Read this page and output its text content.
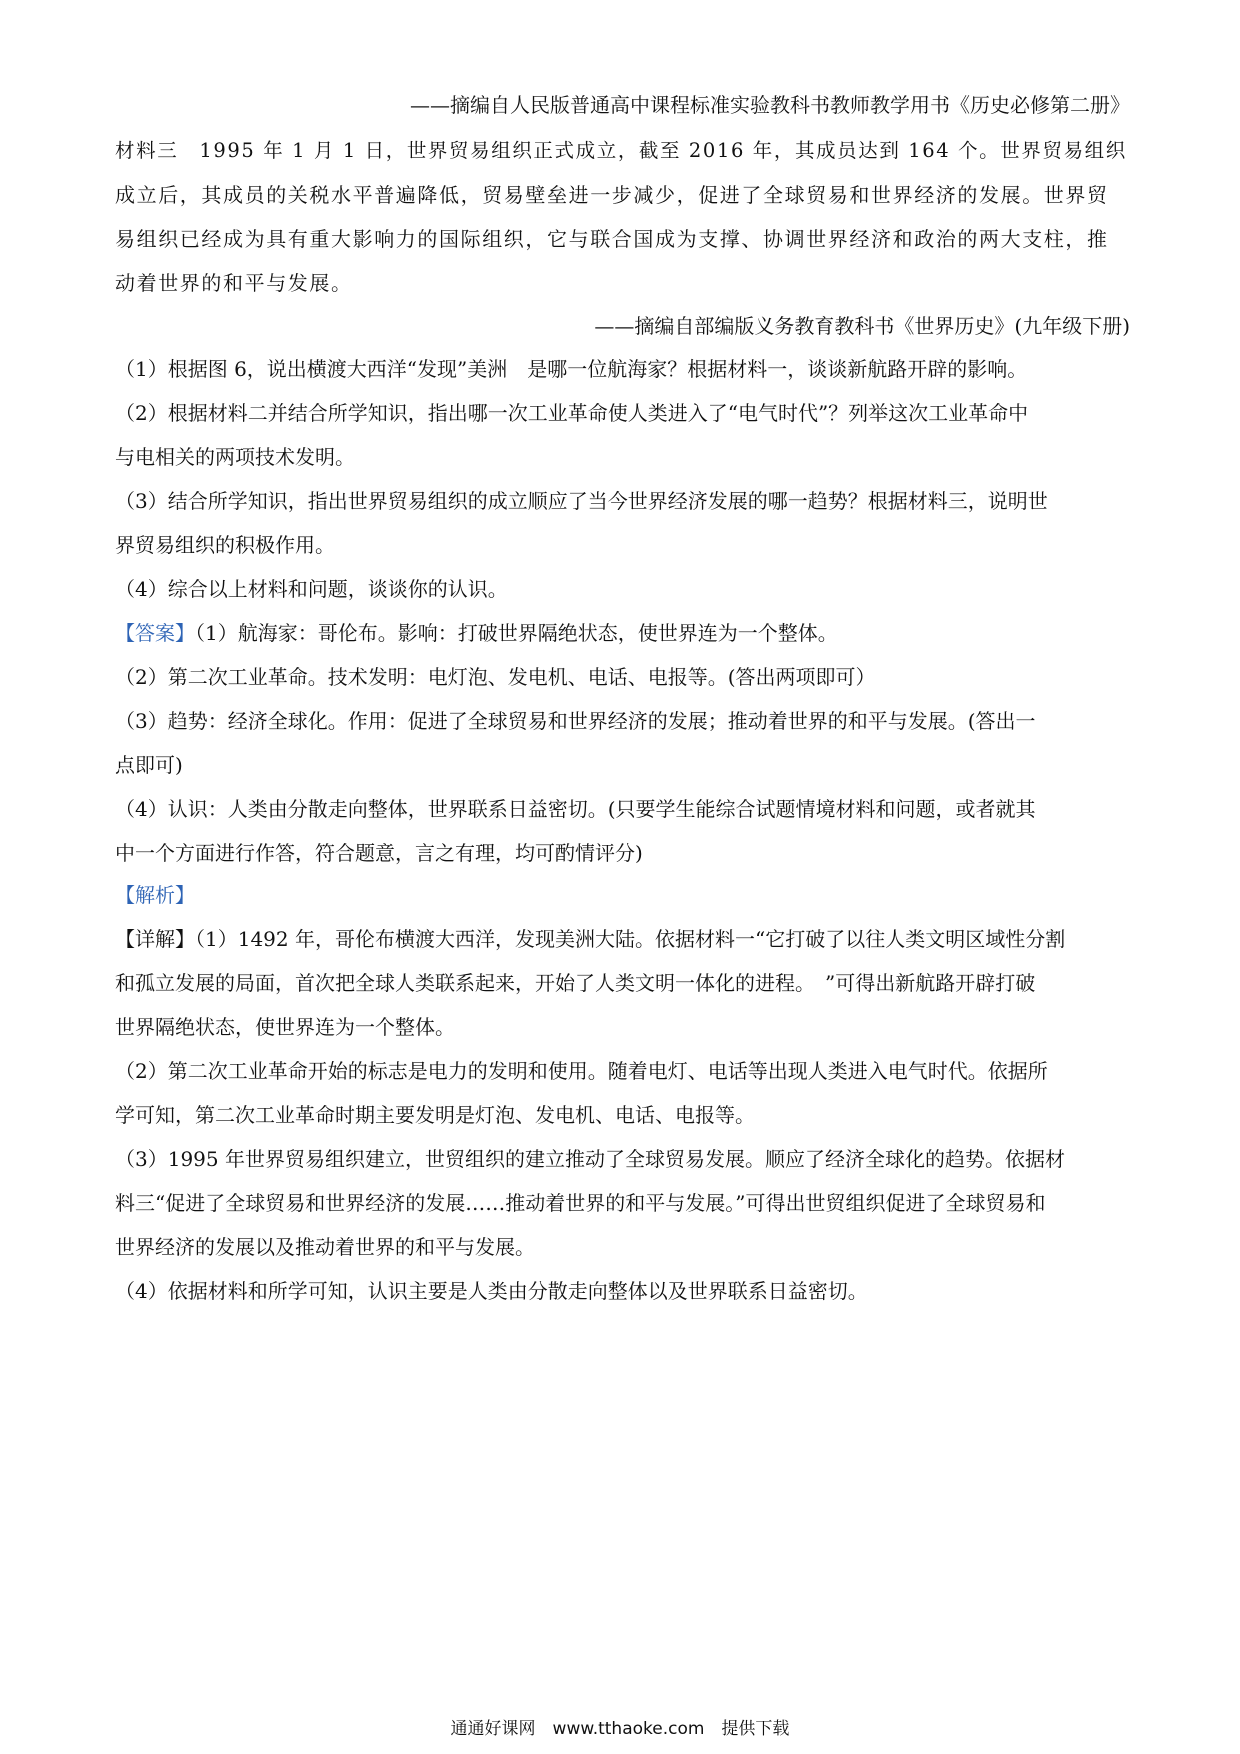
——摘编自人民版普通高中课程标准实验教科书教师教学用书《历史必修第二册》
材料三　1995 年 1 月 1 日，世界贸易组织正式成立，截至 2016 年，其成员达到 164 个。世界贸易组织
成立后，其成员的关税水平普遍降低，贸易壁垒进一步减少，促进了全球贸易和世界经济的发展。世界贸
易组织已经成为具有重大影响力的国际组织，它与联合国成为支撑、协调世界经济和政治的两大支柱，推
动着世界的和平与发展。
——摘编自部编版义务教育教科书《世界历史》(九年级下册)
（1）根据图 6，说出横渡大西洋“发现”美洲　是哪一位航海家？根据材料一，谈谈新航路开辟的影响。
（2）根据材料二并结合所学知识，指出哪一次工业革命使人类进入了“电气时代”？列举这次工业革命中
与电相关的两项技术发明。
（3）结合所学知识，指出世界贸易组织的成立顺应了当今世界经济发展的哪一趋势？根据材料三，说明世
界贸易组织的积极作用。
（4）综合以上材料和问题，谈谈你的认识。
【答案】（1）航海家：哥伦布。影响：打破世界隔绝状态，使世界连为一个整体。
（2）第二次工业革命。技术发明：电灯泡、发电机、电话、电报等。(答出两项即可）
（3）趋势：经济全球化。作用：促进了全球贸易和世界经济的发展；推动着世界的和平与发展。(答出一
点即可)
（4）认识：人类由分散走向整体，世界联系日益密切。(只要学生能综合试题情境材料和问题，或者就其
中一个方面进行作答，符合题意，言之有理，均可酌情评分)
【解析】
【详解】（1）1492 年，哥伦布横渡大西洋，发现美洲大陆。依据材料一“它打破了以往人类文明区域性分割
和孤立发展的局面，首次把全球人类联系起来，开始了人类文明一体化的进程。　”可得出新航路开辟打破
世界隔绝状态，使世界连为一个整体。
（2）第二次工业革命开始的标志是电力的发明和使用。随着电灯、电话等出现人类进入电气时代。依据所
学可知，第二次工业革命时期主要发明是灯泡、发电机、电话、电报等。
（3）1995 年世界贸易组织建立，世贸组织的建立推动了全球贸易发展。顺应了经济全球化的趋势。依据材
料三“促进了全球贸易和世界经济的发展……推动着世界的和平与发展。”可得出世贸组织促进了全球贸易和
世界经济的发展以及推动着世界的和平与发展。
（4）依据材料和所学可知，认识主要是人类由分散走向整体以及世界联系日益密切。
通通好课网　www.tthaoke.com　提供下载
